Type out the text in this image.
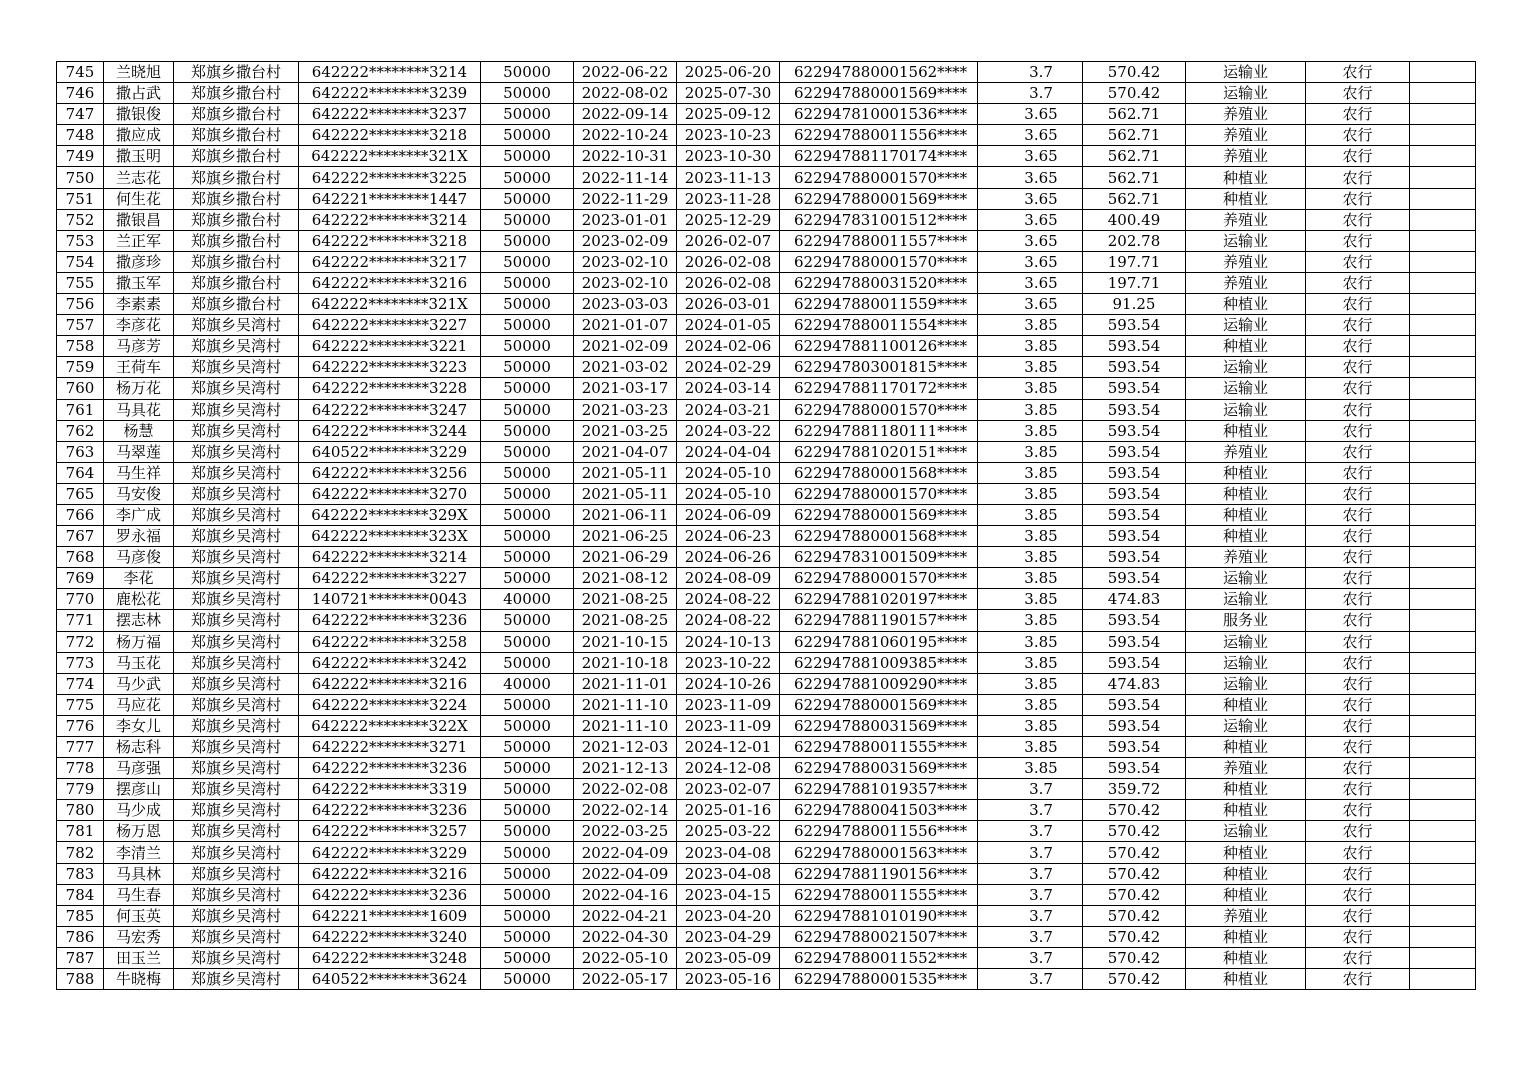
745	兰晓旭	郑旗乡撒台村	642222********3214	50000	2022-06-22	2025-06-20	622947880001562****	3.7	570.42	运输业	农行	
746	撒占武	郑旗乡撒台村	642222********3239	50000	2022-08-02	2025-07-30	622947880001569****	3.7	570.42	运输业	农行	
747	撒银俊	郑旗乡撒台村	642222********3237	50000	2022-09-14	2025-09-12	622947810001536****	3.65	562.71	养殖业	农行	
748	撒应成	郑旗乡撒台村	642222********3218	50000	2022-10-24	2023-10-23	622947880011556****	3.65	562.71	养殖业	农行	
749	撒玉明	郑旗乡撒台村	642222********321X	50000	2022-10-31	2023-10-30	622947881170174****	3.65	562.71	养殖业	农行	
750	兰志花	郑旗乡撒台村	642222********3225	50000	2022-11-14	2023-11-13	622947880001570****	3.65	562.71	种植业	农行	
751	何生花	郑旗乡撒台村	642221********1447	50000	2022-11-29	2023-11-28	622947880001569****	3.65	562.71	种植业	农行	
752	撒银昌	郑旗乡撒台村	642222********3214	50000	2023-01-01	2025-12-29	622947831001512****	3.65	400.49	养殖业	农行	
753	兰正军	郑旗乡撒台村	642222********3218	50000	2023-02-09	2026-02-07	622947880011557****	3.65	202.78	运输业	农行	
754	撒彦珍	郑旗乡撒台村	642222********3217	50000	2023-02-10	2026-02-08	622947880001570****	3.65	197.71	养殖业	农行	
755	撒玉军	郑旗乡撒台村	642222********3216	50000	2023-02-10	2026-02-08	622947880031520****	3.65	197.71	养殖业	农行	
756	李素素	郑旗乡撒台村	642222********321X	50000	2023-03-03	2026-03-01	622947880011559****	3.65	91.25	种植业	农行	
757	李彦花	郑旗乡吴湾村	642222********3227	50000	2021-01-07	2024-01-05	622947880011554****	3.85	593.54	运输业	农行	
758	马彦芳	郑旗乡吴湾村	642222********3221	50000	2021-02-09	2024-02-06	622947881100126****	3.85	593.54	种植业	农行	
759	王荷车	郑旗乡吴湾村	642222********3223	50000	2021-03-02	2024-02-29	622947803001815****	3.85	593.54	运输业	农行	
760	杨万花	郑旗乡吴湾村	642222********3228	50000	2021-03-17	2024-03-14	622947881170172****	3.85	593.54	运输业	农行	
761	马具花	郑旗乡吴湾村	642222********3247	50000	2021-03-23	2024-03-21	622947880001570****	3.85	593.54	运输业	农行	
762	杨慧	郑旗乡吴湾村	642222********3244	50000	2021-03-25	2024-03-22	622947881180111****	3.85	593.54	种植业	农行	
763	马翠莲	郑旗乡吴湾村	640522********3229	50000	2021-04-07	2024-04-04	622947881020151****	3.85	593.54	养殖业	农行	
764	马生祥	郑旗乡吴湾村	642222********3256	50000	2021-05-11	2024-05-10	622947880001568****	3.85	593.54	种植业	农行	
765	马安俊	郑旗乡吴湾村	642222********3270	50000	2021-05-11	2024-05-10	622947880001570****	3.85	593.54	种植业	农行	
766	李广成	郑旗乡吴湾村	642222********329X	50000	2021-06-11	2024-06-09	622947880001569****	3.85	593.54	种植业	农行	
767	罗永福	郑旗乡吴湾村	642222********323X	50000	2021-06-25	2024-06-23	622947880001568****	3.85	593.54	种植业	农行	
768	马彦俊	郑旗乡吴湾村	642222********3214	50000	2021-06-29	2024-06-26	622947831001509****	3.85	593.54	养殖业	农行	
769	李花	郑旗乡吴湾村	642222********3227	50000	2021-08-12	2024-08-09	622947880001570****	3.85	593.54	运输业	农行	
770	鹿松花	郑旗乡吴湾村	140721********0043	40000	2021-08-25	2024-08-22	622947881020197****	3.85	474.83	运输业	农行	
771	摆志林	郑旗乡吴湾村	642222********3236	50000	2021-08-25	2024-08-22	622947881190157****	3.85	593.54	服务业	农行	
772	杨万福	郑旗乡吴湾村	642222********3258	50000	2021-10-15	2024-10-13	622947881060195****	3.85	593.54	运输业	农行	
773	马玉花	郑旗乡吴湾村	642222********3242	50000	2021-10-18	2023-10-22	622947881009385****	3.85	593.54	运输业	农行	
774	马少武	郑旗乡吴湾村	642222********3216	40000	2021-11-01	2024-10-26	622947881009290****	3.85	474.83	运输业	农行	
775	马应花	郑旗乡吴湾村	642222********3224	50000	2021-11-10	2023-11-09	622947880001569****	3.85	593.54	种植业	农行	
776	李女儿	郑旗乡吴湾村	642222********322X	50000	2021-11-10	2023-11-09	622947880031569****	3.85	593.54	运输业	农行	
777	杨志科	郑旗乡吴湾村	642222********3271	50000	2021-12-03	2024-12-01	622947880011555****	3.85	593.54	种植业	农行	
778	马彦强	郑旗乡吴湾村	642222********3236	50000	2021-12-13	2024-12-08	622947880031569****	3.85	593.54	养殖业	农行	
779	摆彦山	郑旗乡吴湾村	642222********3319	50000	2022-02-08	2023-02-07	622947881019357****	3.7	359.72	种植业	农行	
780	马少成	郑旗乡吴湾村	642222********3236	50000	2022-02-14	2025-01-16	622947880041503****	3.7	570.42	种植业	农行	
781	杨万恩	郑旗乡吴湾村	642222********3257	50000	2022-03-25	2025-03-22	622947880011556****	3.7	570.42	运输业	农行	
782	李清兰	郑旗乡吴湾村	642222********3229	50000	2022-04-09	2023-04-08	622947880001563****	3.7	570.42	种植业	农行	
783	马具林	郑旗乡吴湾村	642222********3216	50000	2022-04-09	2023-04-08	622947881190156****	3.7	570.42	种植业	农行	
784	马生春	郑旗乡吴湾村	642222********3236	50000	2022-04-16	2023-04-15	622947880011555****	3.7	570.42	种植业	农行	
785	何玉英	郑旗乡吴湾村	642221********1609	50000	2022-04-21	2023-04-20	622947881010190****	3.7	570.42	养殖业	农行	
786	马宏秀	郑旗乡吴湾村	642222********3240	50000	2022-04-30	2023-04-29	622947880021507****	3.7	570.42	种植业	农行	
787	田玉兰	郑旗乡吴湾村	642222********3248	50000	2022-05-10	2023-05-09	622947880011552****	3.7	570.42	种植业	农行	
788	牛晓梅	郑旗乡吴湾村	640522********3624	50000	2022-05-17	2023-05-16	622947880001535****	3.7	570.42	种植业	农行	
